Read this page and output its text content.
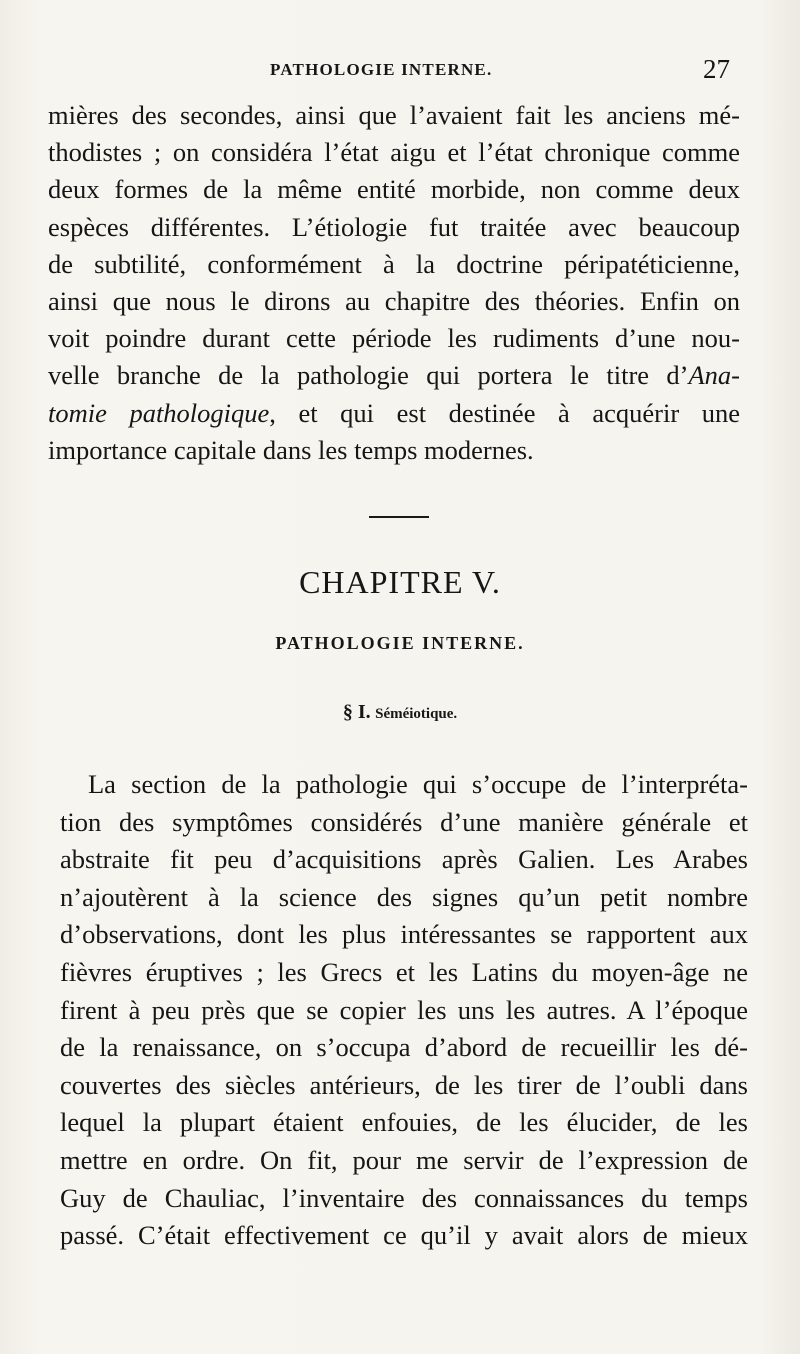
PATHOLOGIE INTERNE.	27
mières des secondes, ainsi que l’avaient fait les anciens mé-
thodistes ; on considéra l’état aigu et l’état chronique comme
deux formes de la même entité morbide, non comme deux
espèces différentes. L’étiologie fut traitée avec beaucoup
de subtilité, conformément à la doctrine péripatéticienne,
ainsi que nous le dirons au chapitre des théories. Enfin on
voit poindre durant cette période les rudiments d’une nou-
velle branche de la pathologie qui portera le titre d’Ana-
tomie pathologique, et qui est destinée à acquérir une
importance capitale dans les temps modernes.
CHAPITRE V.
PATHOLOGIE INTERNE.
§ I. Séméiotique.
La section de la pathologie qui s’occupe de l’interpréta-
tion des symptômes considérés d’une manière générale et
abstraite fit peu d’acquisitions après Galien. Les Arabes
n’ajoutèrent à la science des signes qu’un petit nombre
d’observations, dont les plus intéressantes se rapportent aux
fièvres éruptives ; les Grecs et les Latins du moyen-âge ne
firent à peu près que se copier les uns les autres. A l’époque
de la renaissance, on s’occupa d’abord de recueillir les dé-
couvertes des siècles antérieurs, de les tirer de l’oubli dans
lequel la plupart étaient enfouies, de les élucider, de les
mettre en ordre. On fit, pour me servir de l’expression de
Guy de Chauliac, l’inventaire des connaissances du temps
passé. C’était effectivement ce qu’il y avait alors de mieux
